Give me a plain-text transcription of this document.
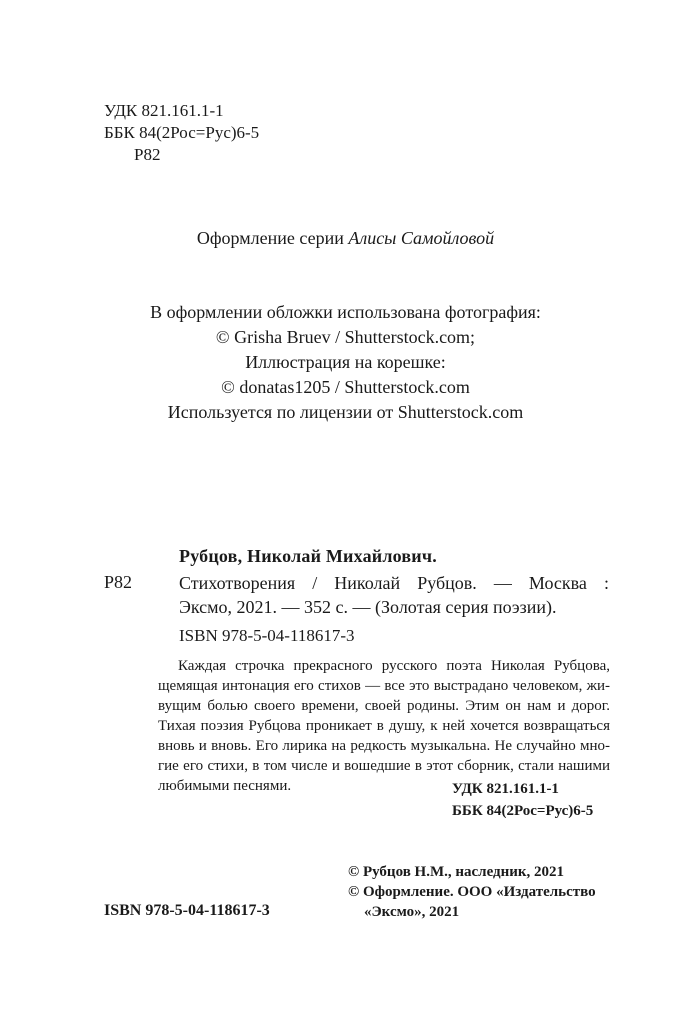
УДК 821.161.1-1
ББК 84(2Рос=Рус)6-5
Р82
Оформление серии Алисы Самойловой
В оформлении обложки использована фотография:
© Grisha Bruev / Shutterstock.com;
Иллюстрация на корешке:
© donatas1205 / Shutterstock.com
Используется по лицензии от Shutterstock.com
Рубцов, Николай Михайлович.
Р82	Стихотворения / Николай Рубцов. — Москва :
Эксмо, 2021. — 352 с. — (Золотая серия поэзии).
ISBN 978-5-04-118617-3
Каждая строчка прекрасного русского поэта Николая Рубцова,
щемящая интонация его стихов — все это выстрадано человеком, жи-
вущим болью своего времени, своей родины. Этим он нам и дорог.
Тихая поэзия Рубцова проникает в душу, к ней хочется возвращаться
вновь и вновь. Его лирика на редкость музыкальна. Не случайно мно-
гие его стихи, в том числе и вошедшие в этот сборник, стали нашими
любимыми песнями.	УДК 821.161.1-1
ББК 84(2Рос=Рус)6-5
© Рубцов Н.М., наследник, 2021
© Оформление. ООО «Издательство
«Эксмо», 2021
ISBN 978-5-04-118617-3
